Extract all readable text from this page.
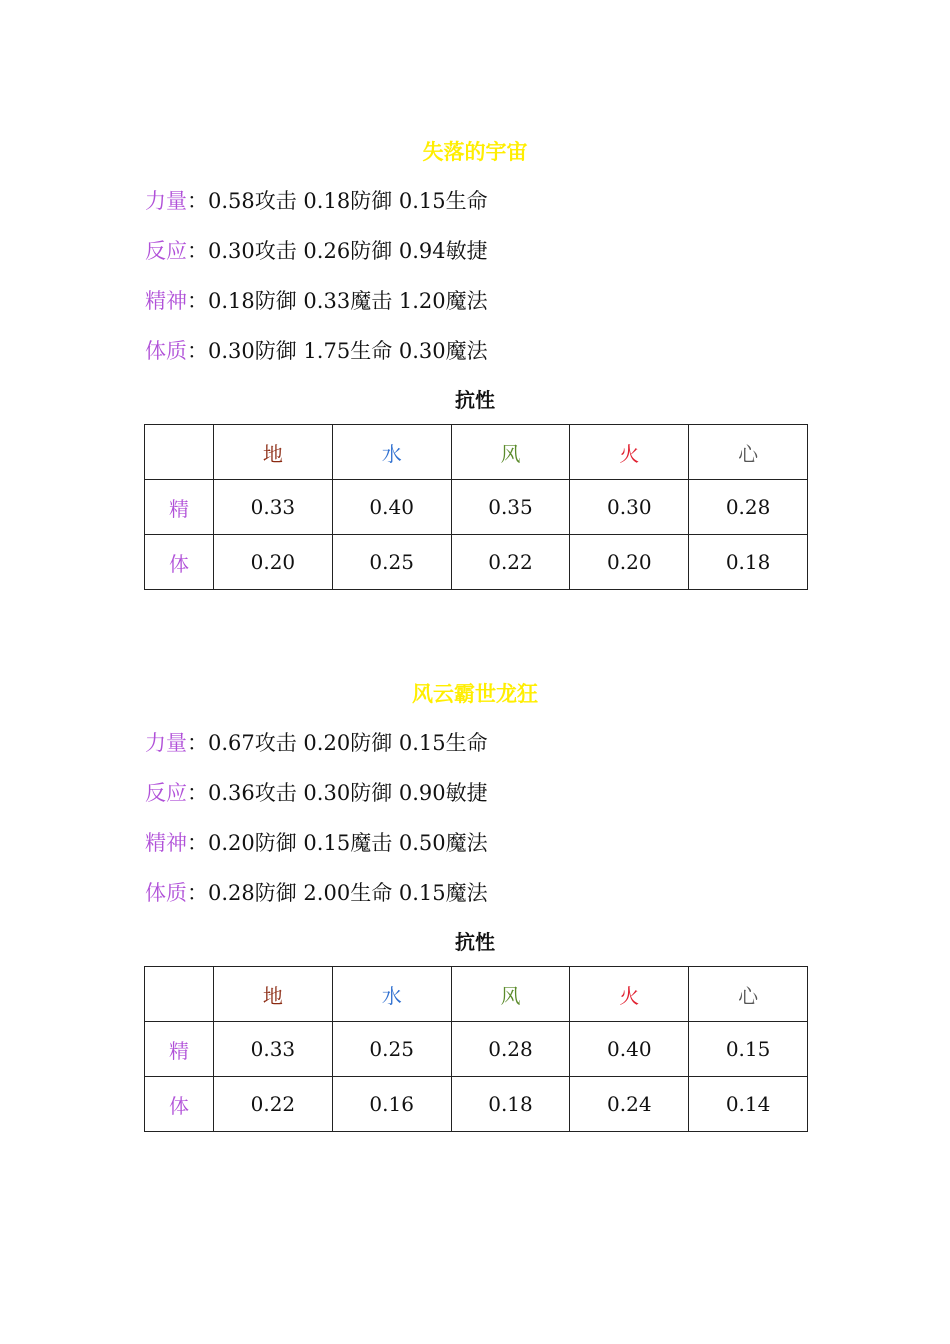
失落的宇宙
力量：0.58攻击 0.18防御 0.15生命
反应：0.30攻击 0.26防御 0.94敏捷
精神：0.18防御 0.33魔击 1.20魔法
体质：0.30防御 1.75生命 0.30魔法
抗性
	地	水	风	火	心
精	0.33	0.40	0.35	0.30	0.28
体	0.20	0.25	0.22	0.20	0.18
风云霸世龙狂
力量：0.67攻击 0.20防御 0.15生命
反应：0.36攻击 0.30防御 0.90敏捷
精神：0.20防御 0.15魔击 0.50魔法
体质：0.28防御 2.00生命 0.15魔法
抗性
	地	水	风	火	心
精	0.33	0.25	0.28	0.40	0.15
体	0.22	0.16	0.18	0.24	0.14
